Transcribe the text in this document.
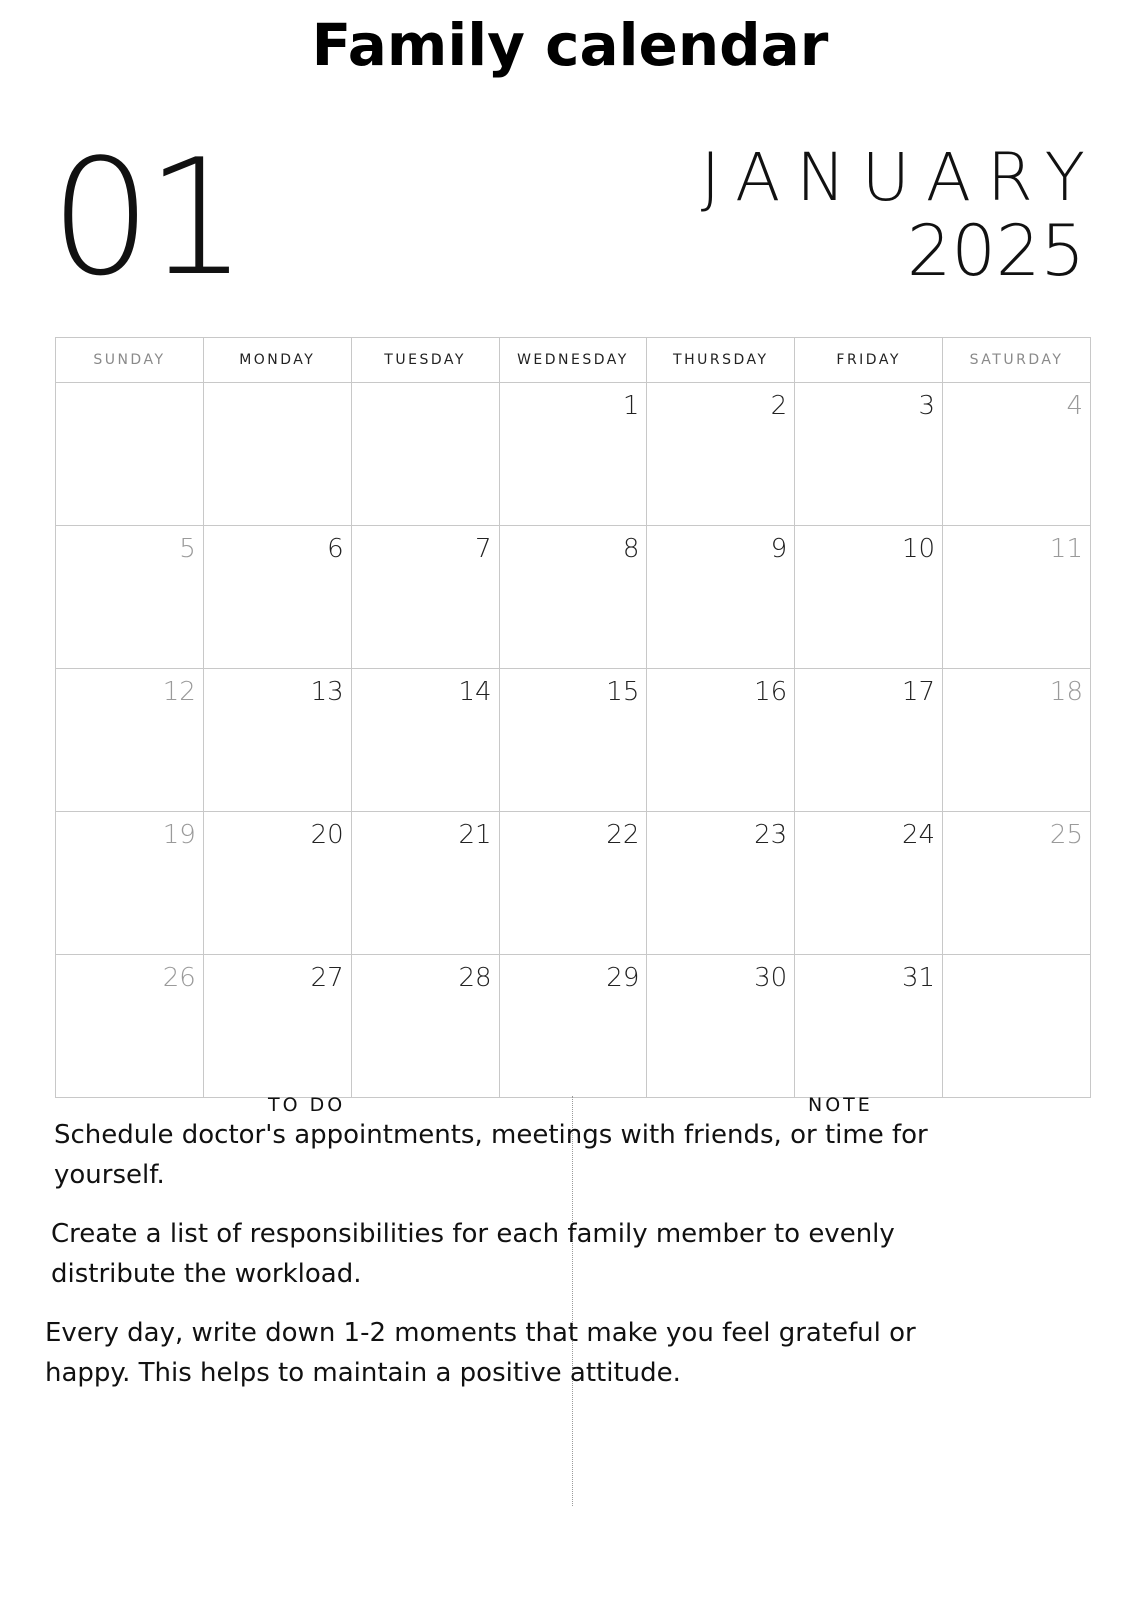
Family calendar
01	JANUARY
2025
SUNDAY	MONDAY	TUESDAY	WEDNESDAY	THURSDAY	FRIDAY	SATURDAY
			1	2	3	4
5	6	7	8	9	10	11
12	13	14	15	16	17	18
19	20	21	22	23	24	25
26	27	28	29	30	31	
TO DO	NOTE
Schedule doctor's appointments, meetings with friends, or time for yourself.
Create a list of responsibilities for each family member to evenly distribute the workload.
Every day, write down 1-2 moments that make you feel grateful or happy. This helps to maintain a positive attitude.
